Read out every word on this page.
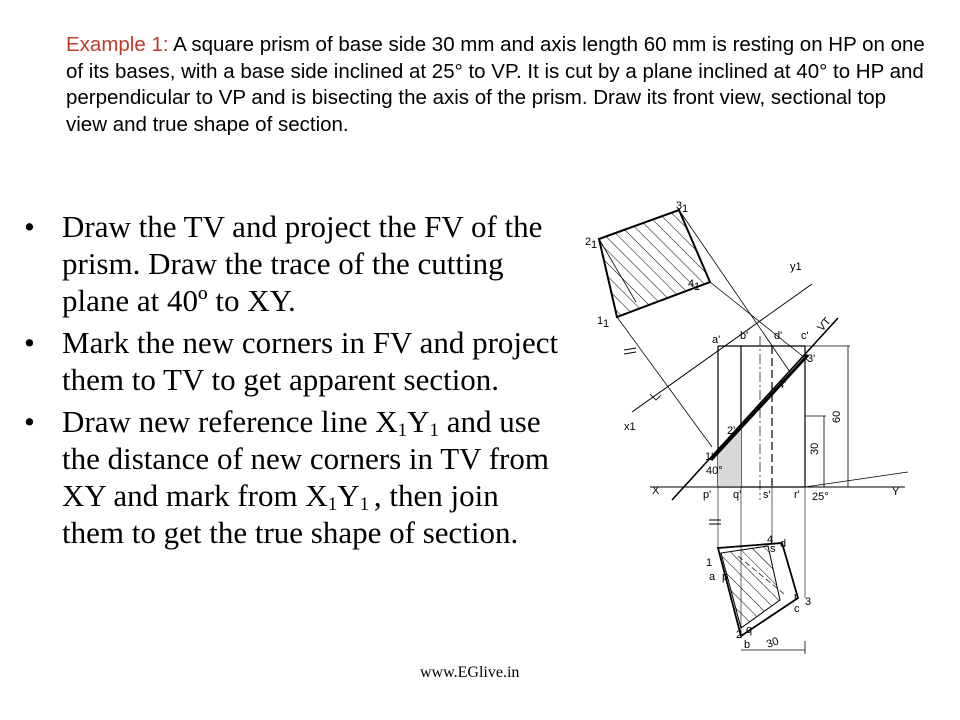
Example 1: A square prism of base side 30 mm and axis length 60 mm is resting on HP on one of its bases, with a base side inclined at 25° to VP. It is cut by a plane inclined at 40° to HP and perpendicular to VP and is bisecting the axis of the prism. Draw its front view, sectional top view and true shape of section.
• Draw the TV and project the FV of the prism. Draw the trace of the cutting plane at 40º to XY.
• Mark the new corners in FV and project them to TV to get apparent section.
• Draw new reference line $X_1Y_1$ and use the distance of new corners in TV from XY and mark from $X_1Y_1$ , then join them to get the true shape of section.
www.EGlive.in
X	Y
VT
y1
x1
a' b' d' c'
p' q' s' r'
1'
2'
3'
4'
40°
25°
60
30
30
3 1
2 1
4 1
1 1
1
a p
4
s d
3
r
c
2 q
b
